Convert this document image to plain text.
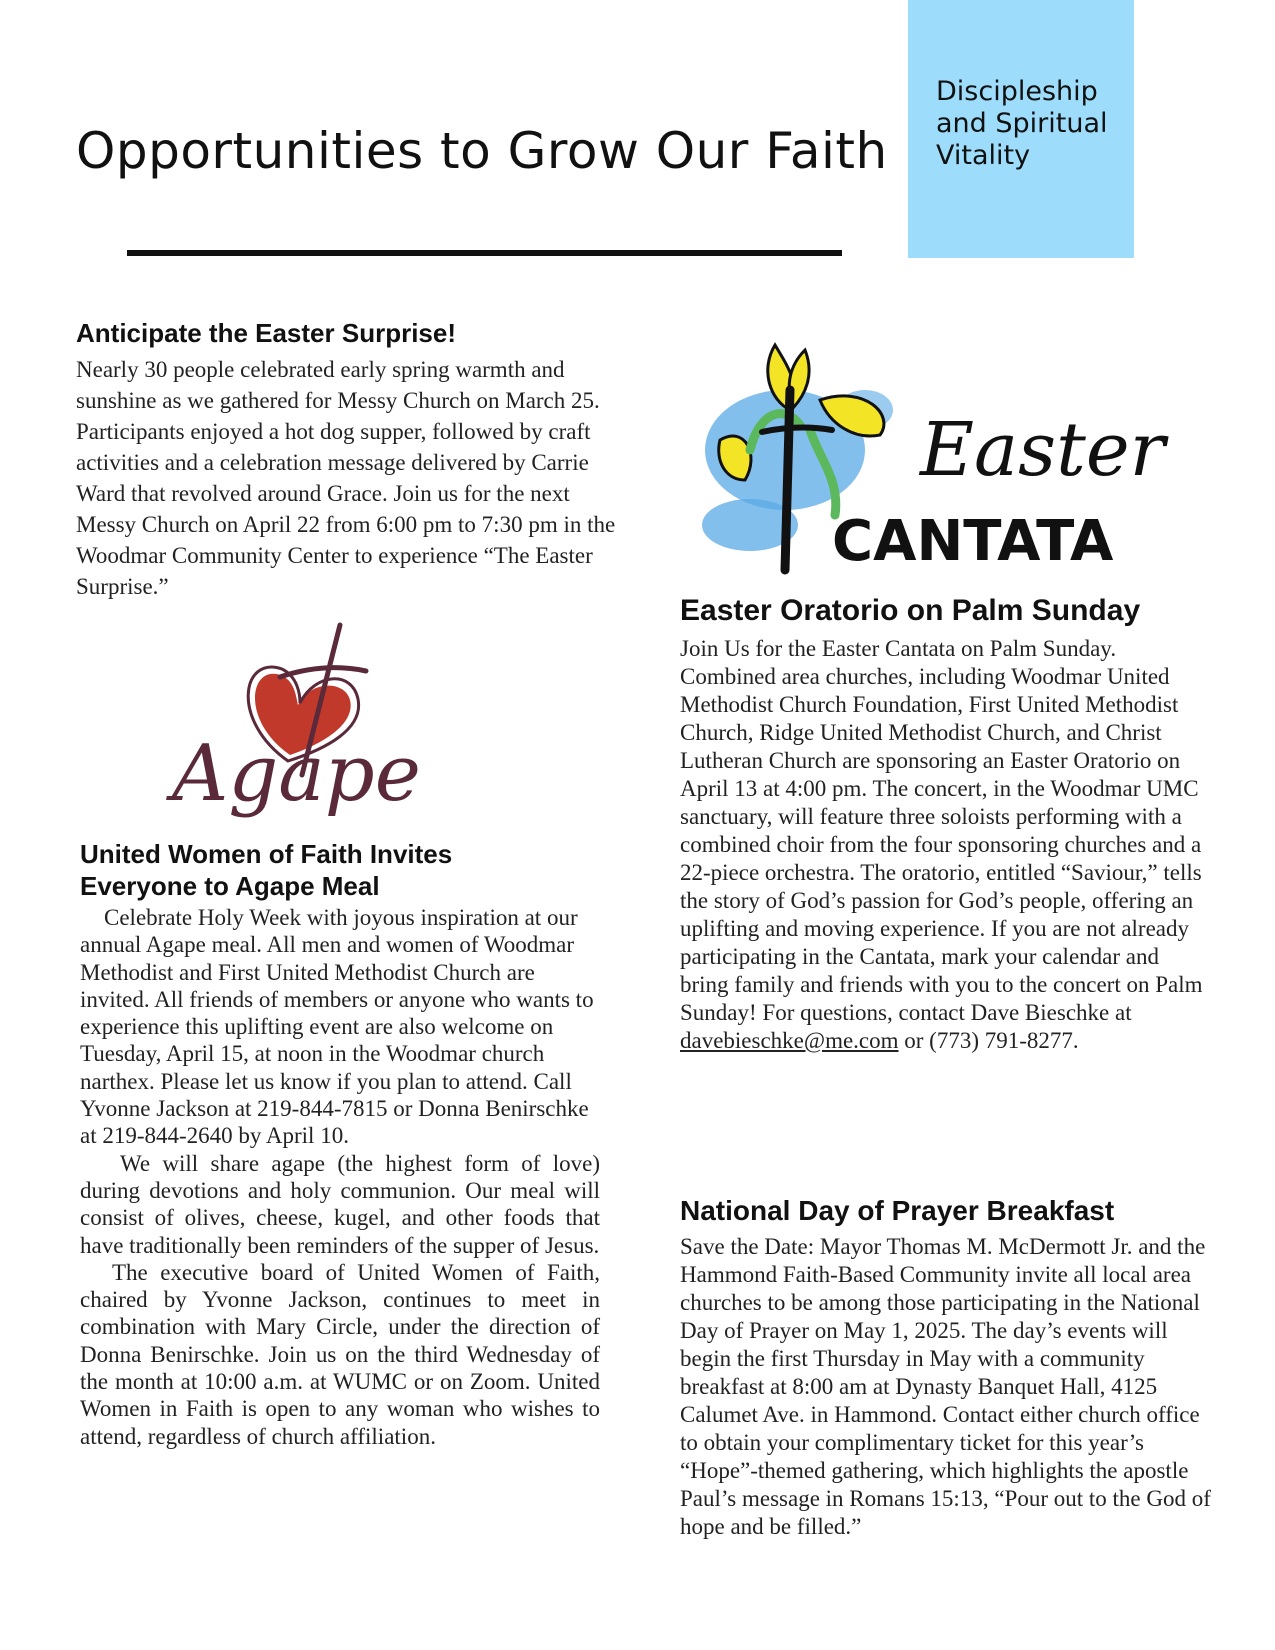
Opportunities to Grow Our Faith
Discipleship
and Spiritual
Vitality
Anticipate the Easter Surprise!

Nearly 30 people celebrated early spring warmth and sunshine as we gathered for Messy Church on March 25. Participants enjoyed a hot dog supper, followed by craft activities and a celebration message delivered by Carrie Ward that revolved around Grace. Join us for the next Messy Church on April 22 from 6:00 pm to 7:30 pm in the Woodmar Community Center to experience “The Easter Surprise.”

Agape
United Women of Faith Invites
Everyone to Agape Meal

Celebrate Holy Week with joyous inspiration at our annual Agape meal. All men and women of Woodmar Methodist and First United Methodist Church are invited. All friends of members or anyone who wants to experience this uplifting event are also welcome on Tuesday, April 15, at noon in the Woodmar church narthex. Please let us know if you plan to attend. Call Yvonne Jackson at 219-844-7815 or Donna Benirschke at 219-844-2640 by April 10.

We will share agape (the highest form of love) during devotions and holy communion. Our meal will consist of olives, cheese, kugel, and other foods that have traditionally been reminders of the supper of Jesus.

The executive board of United Women of Faith, chaired by Yvonne Jackson, continues to meet in combination with Mary Circle, under the direction of Donna Benirschke. Join us on the third Wednesday of the month at 10:00 a.m. at WUMC or on Zoom. United Women in Faith is open to any woman who wishes to attend, regardless of church affiliation.

Easter
CANTATA
Easter Oratorio on Palm Sunday

Join Us for the Easter Cantata on Palm Sunday. Combined area churches, including Woodmar United Methodist Church Foundation, First United Methodist Church, Ridge United Methodist Church, and Christ Lutheran Church are sponsoring an Easter Oratorio on April 13 at 4:00 pm. The concert, in the Woodmar UMC sanctuary, will feature three soloists performing with a combined choir from the four sponsoring churches and a 22-piece orchestra. The oratorio, entitled “Saviour,” tells the story of God’s passion for God’s people, offering an uplifting and moving experience. If you are not already participating in the Cantata, mark your calendar and bring family and friends with you to the concert on Palm Sunday! For questions, contact Dave Bieschke at davebieschke@me.com or (773) 791-8277.

National Day of Prayer Breakfast

Save the Date: Mayor Thomas M. McDermott Jr. and the Hammond Faith-Based Community invite all local area churches to be among those participating in the National Day of Prayer on May 1, 2025. The day’s events will begin the first Thursday in May with a community breakfast at 8:00 am at Dynasty Banquet Hall, 4125 Calumet Ave. in Hammond. Contact either church office to obtain your complimentary ticket for this year’s “Hope”-themed gathering, which highlights the apostle Paul’s message in Romans 15:13, “Pour out to the God of hope and be filled.”
